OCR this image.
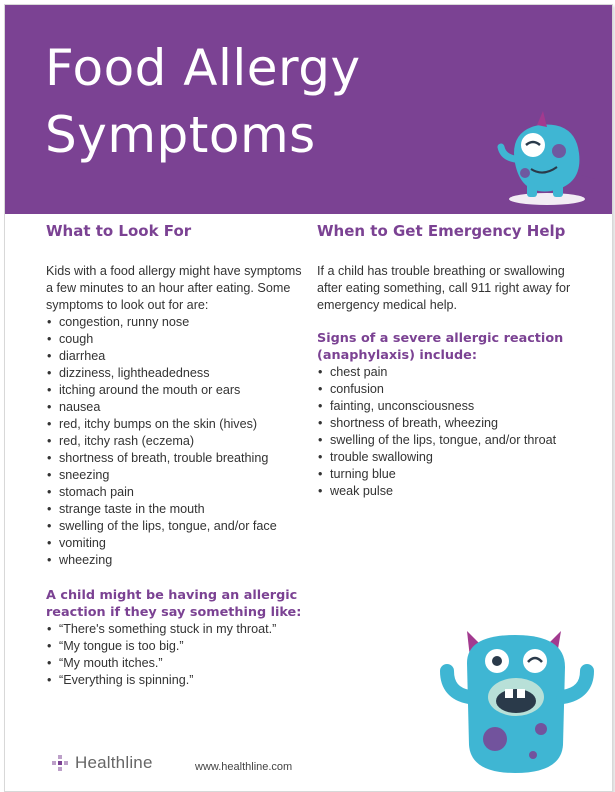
Food Allergy
Symptoms
What to Look For

Kids with a food allergy might have symptoms a few minutes to an hour after eating. Some symptoms to look out for are:

• congestion, runny nose
• cough
• diarrhea
• dizziness, lightheadedness
• itching around the mouth or ears
• nausea
• red, itchy bumps on the skin (hives)
• red, itchy rash (eczema)
• shortness of breath, trouble breathing
• sneezing
• stomach pain
• strange taste in the mouth
• swelling of the lips, tongue, and/or face
• vomiting
• wheezing
A child might be having an allergic reaction if they say something like:
• “There's something stuck in my throat.”
• “My tongue is too big.”
• “My mouth itches.”
• “Everything is spinning.”
When to Get Emergency Help

If a child has trouble breathing or swallowing after eating something, call 911 right away for emergency medical help.

Signs of a severe allergic reaction (anaphylaxis) include:
• chest pain
• confusion
• fainting, unconsciousness
• shortness of breath, wheezing
• swelling of the lips, tongue, and/or throat
• trouble swallowing
• turning blue
• weak pulse
Healthline	www.healthline.com
